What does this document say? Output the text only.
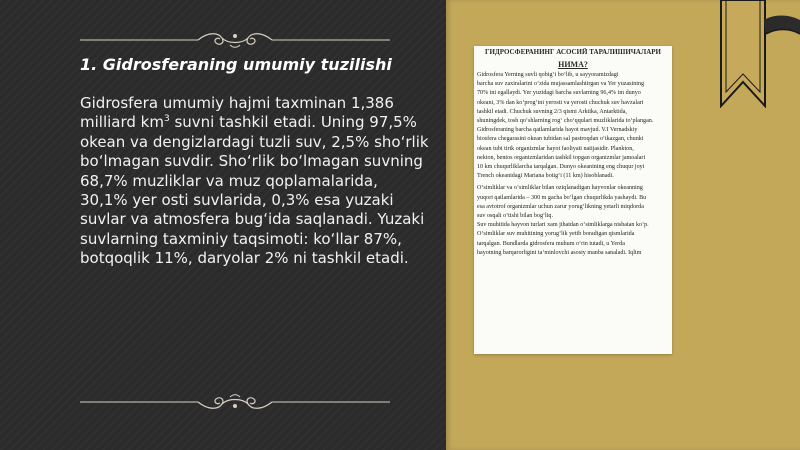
1. Gidrosferaning umumiy tuzilishi

Gidrosfera umumiy hajmi taxminan 1,386 milliard $km^3$ suvni tashkil etadi. Uning 97,5% okean va dengizlardagi tuzli suv, 2,5% sho‘rlik bo‘lmagan suvdir. Sho‘rlik bo‘lmagan suvning 68,7% muzliklar va muz qoplamalarida, 30,1% yer osti suvlarida, 0,3% esa yuzaki suvlar va atmosfera bug‘ida saqlanadi. Yuzaki suvlarning taxminiy taqsimoti: ko‘llar 87%, botqoqlik 11%, daryolar 2% ni tashkil etadi.

ГИДРОСФЕРАНИНГ АСОСИЙ ТАРАЛИШИЧАЛАРИ
НИМА?
Gidrosfera Yerning suvli qobig‘i bo‘lib, u sayyoramizdagi
barcha suv zaxiralarini o‘zida mujassamlashtirgan va Yer yuzasining
70% ini egallaydi. Yer yuzidagi barcha suvlarning 96,4% im dunyo
okeani, 3% dan ko‘prog‘ini yerosti va yerosti chuchuk suv havzalari
tashkil etadi. Chuchuk suvning 2/3 qismi Arktika, Antarktida,
shuningdek, tosh qo‘shlarning rog‘ cho‘qqulari muzliklarida to‘plangan.
Gidrosferaning barcha qatlamlarida hayot mavjud. V.I Vernadskiy
biosfera chegarasini okean tubidan sal pastroqdan o‘tkazgan, chunki
okean tubi tirik organizmlar hayot faoliyati natijasidir. Plankton,
nekton, bentos organizmlaridan tashkil topgan organizmlar jamoalari
10 km chuqurliklarcha tarqalgan. Dunyo okeanining eng chuqur joyi
Trench okeanidagi Mariana botig‘i (11 km) hisoblanadi.
O‘simliklar va o‘simliklar bilan oziqlanadigan hayvonlar okeanning
yuqori qatlamlarida – 300 m gacha bo‘lgan chuqurlikda yashaydi. Bu
esa avtotrof organizmlar uchun zarur yorug‘likning yetarli miqdorda
suv osqali o‘tishi bilan bog‘liq.
Suv muhitida hayvon turlari xam jihatdan o‘simliklarga nisbatan ko‘p.
O‘simliklar suv muhitining yorug‘lik yetib boradigan qismlarida
tarqalgan. Bundlarda gidrosfera muhum o‘rin tutadi, u Yerda
hayotning barqarorligini ta‘minlovchi asosiy manba sanaladi. Iqlim
